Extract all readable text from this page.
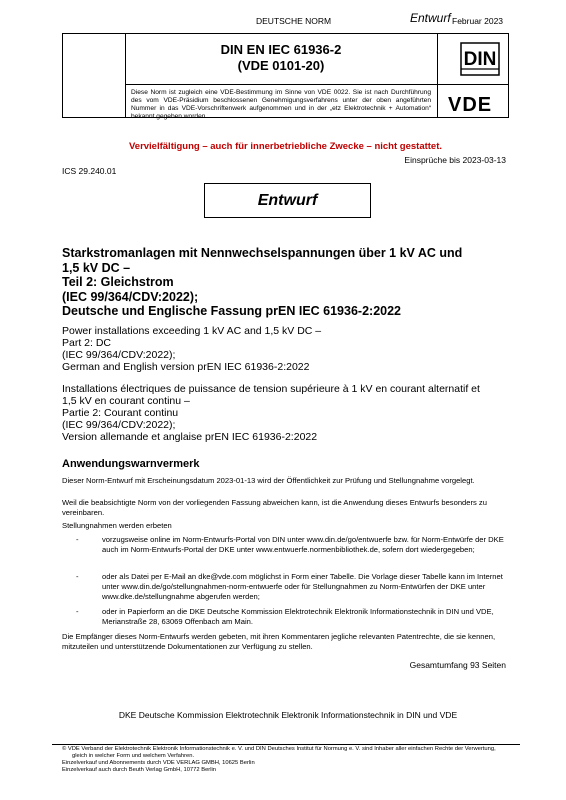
DEUTSCHE NORM	Entwurf Februar 2023
DIN EN IEC 61936-2
(VDE 0101-20)
Diese Norm ist zugleich eine VDE-Bestimmung im Sinne von VDE 0022. Sie ist nach Durchführung des vom VDE-Präsidium beschlossenen Genehmigungsverfahrens unter der oben angeführten Nummer in das VDE-Vorschriftenwerk aufgenommen und in der „etz Elektrotechnik + Automation“ bekannt gegeben worden.
DIN
VDE
Vervielfältigung – auch für innerbetriebliche Zwecke – nicht gestattet.
Einsprüche bis 2023-03-13
ICS 29.240.01
Entwurf
Starkstromanlagen mit Nennwechselspannungen über 1 kV AC und
1,5 kV DC –
Teil 2: Gleichstrom
(IEC 99/364/CDV:2022);
Deutsche und Englische Fassung prEN IEC 61936-2:2022
Power installations exceeding 1 kV AC and 1,5 kV DC –
Part 2: DC
(IEC 99/364/CDV:2022);
German and English version prEN IEC 61936-2:2022
Installations électriques de puissance de tension supérieure à 1 kV en courant alternatif et
1,5 kV en courant continu –
Partie 2: Courant continu
(IEC 99/364/CDV:2022);
Version allemande et anglaise prEN IEC 61936-2:2022
Anwendungswarnvermerk
Dieser Norm-Entwurf mit Erscheinungsdatum 2023-01-13 wird der Öffentlichkeit zur Prüfung und Stellungnahme vorgelegt.
Weil die beabsichtigte Norm von der vorliegenden Fassung abweichen kann, ist die Anwendung dieses Entwurfs besonders zu vereinbaren.
Stellungnahmen werden erbeten
-	vorzugsweise online im Norm-Entwurfs-Portal von DIN unter www.din.de/go/entwuerfe bzw. für Norm-Entwürfe der DKE auch im Norm-Entwurfs-Portal der DKE unter www.entwuerfe.normenbibliothek.de, sofern dort wiedergegeben;
-	oder als Datei per E-Mail an dke@vde.com möglichst in Form einer Tabelle. Die Vorlage dieser Tabelle kann im Internet unter www.din.de/go/stellungnahmen-norm-entwuerfe oder für Stellungnahmen zu Norm-Entwürfen der DKE unter www.dke.de/stellungnahme abgerufen werden;
-	oder in Papierform an die DKE Deutsche Kommission Elektrotechnik Elektronik Informationstechnik in DIN und VDE, Merianstraße 28, 63069 Offenbach am Main.
Die Empfänger dieses Norm-Entwurfs werden gebeten, mit ihren Kommentaren jegliche relevanten Patentrechte, die sie kennen, mitzuteilen und unterstützende Dokumentationen zur Verfügung zu stellen.
Gesamtumfang 93 Seiten
DKE Deutsche Kommission Elektrotechnik Elektronik Informationstechnik in DIN und VDE
© VDE Verband der Elektrotechnik Elektronik Informationstechnik e. V. und DIN Deutsches Institut für Normung e. V. sind Inhaber aller einfachen Rechte der Verwertung,
gleich in welcher Form und welchem Verfahren.
Einzelverkauf und Abonnements durch VDE VERLAG GMBH, 10625 Berlin
Einzelverkauf auch durch Beuth Verlag GmbH, 10772 Berlin
